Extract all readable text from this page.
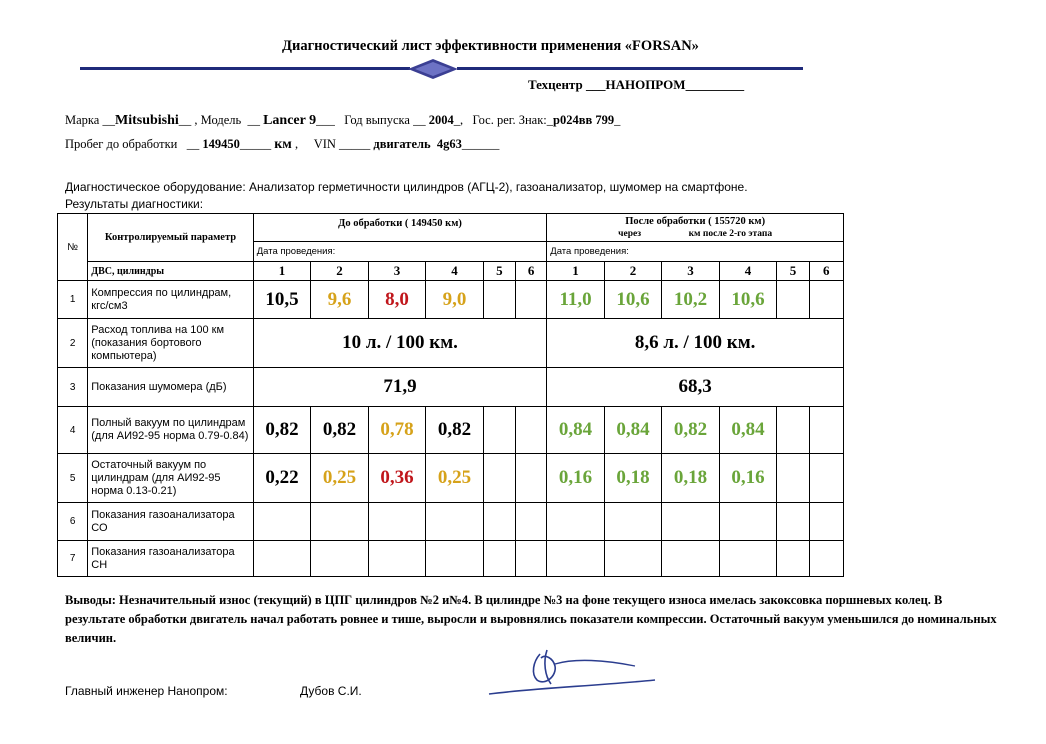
Диагностический лист эффективности применения «FORSAN»
Техцентр ___НАНОПРОМ_________
Марка __Mitsubishi__ , Модель  __ Lancer 9___   Год выпуска __ 2004_,   Гос. рег. Знак:_р024вв 799_
Пробег до обработки   __ 149450_____ км ,     VIN _____ двигатель 4g63______
Диагностическое оборудование: Анализатор герметичности цилиндров (АГЦ-2), газоанализатор, шумомер на смартфоне.
Результаты диагностики:
№	Контролируемый параметр	До обработки ( 149450 км)						После обработки ( 155720 км)
через                    км после 2-го этапа					

		Дата проведения:						Дата проведения:					
	ДВС, цилиндры	1	2	3	4	5	6	1	2	3	4	5	6
1	Компрессия по цилиндрам, кгс/см3	10,5	9,6	8,0	9,0			11,0	10,6	10,2	10,6		
2	Расход топлива на 100 км (показания бортового компьютера)	10 л. / 100 км.						8,6 л. / 100 км.					
3	Показания шумомера (дБ)	71,9						68,3					
4	Полный вакуум по цилиндрам (для АИ92-95 норма 0.79-0.84)	0,82	0,82	0,78	0,82			0,84	0,84	0,82	0,84		
5	Остаточный вакуум по цилиндрам (для АИ92-95 норма 0.13-0.21)	0,22	0,25	0,36	0,25			0,16	0,18	0,18	0,16		
6	Показания газоанализатора СО												
7	Показания газоанализатора СН												
Выводы: Незначительный износ (текущий) в ЦПГ цилиндров №2 и№4. В цилиндре №3 на фоне текущего износа имелась закоксовка поршневых колец. В результате обработки двигатель начал работать ровнее и тише, выросли и выровнялись показатели компрессии. Остаточный вакуум уменьшился до номинальных величин.
Главный инженер Нанопром:	Дубов С.И.
